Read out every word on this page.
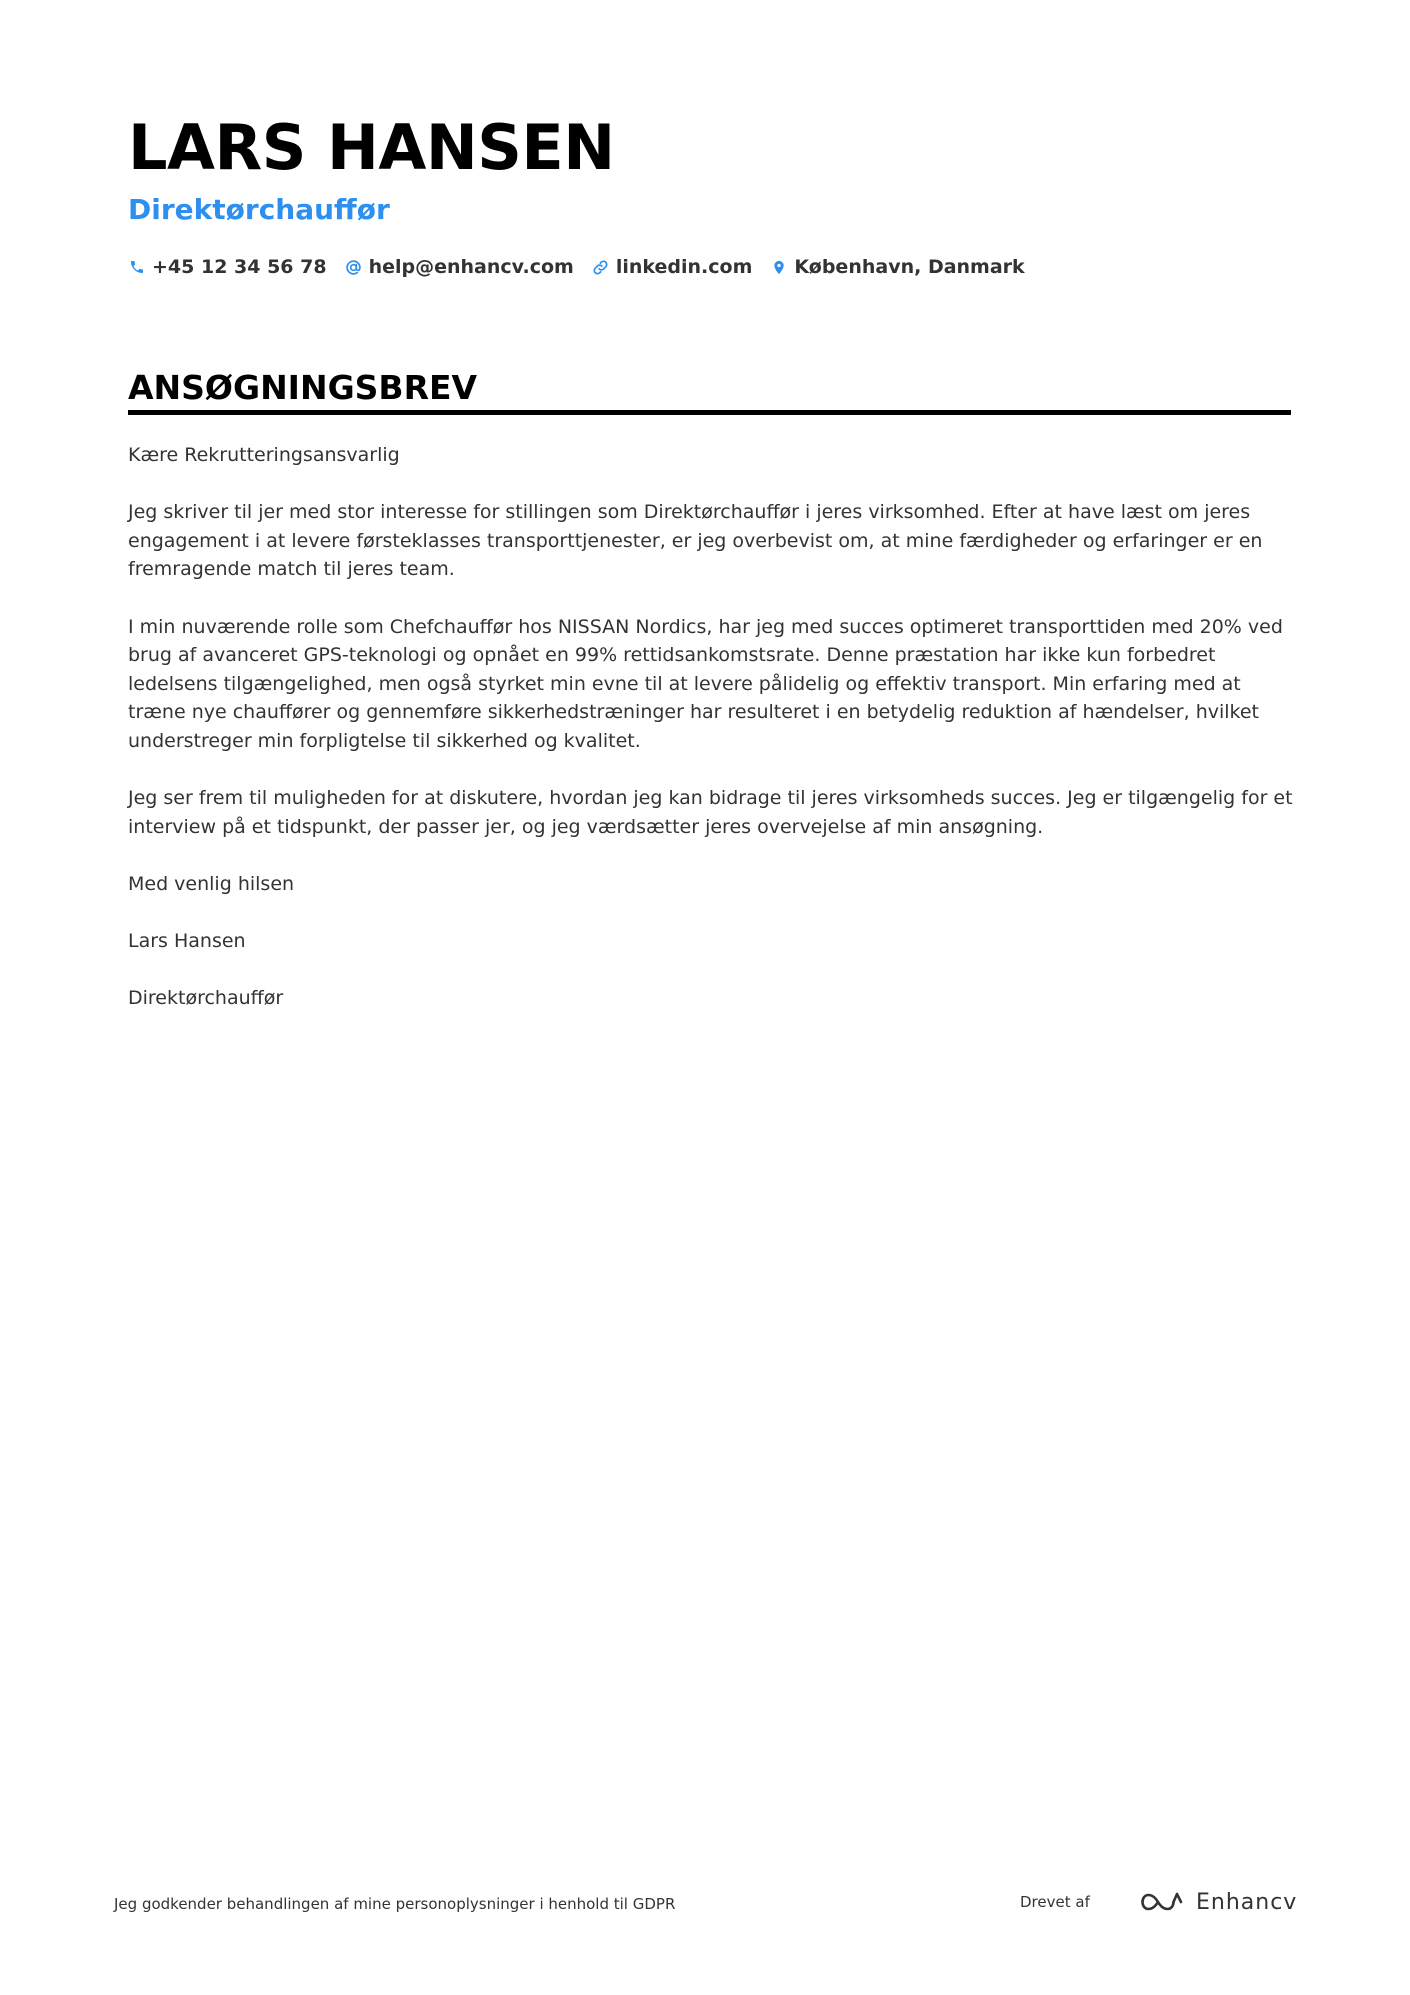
LARS HANSEN
Direktørchauffør
+45 12 34 56 78 help@enhancv.com linkedin.com København, Danmark
ANSØGNINGSBREV

Kære Rekrutteringsansvarlig

Jeg skriver til jer med stor interesse for stillingen som Direktørchauffør i jeres virksomhed. Efter at have læst om jeres engagement i at levere førsteklasses transporttjenester, er jeg overbevist om, at mine færdigheder og erfaringer er en fremragende match til jeres team.

I min nuværende rolle som Chefchauffør hos NISSAN Nordics, har jeg med succes optimeret transporttiden med 20% ved brug af avanceret GPS-teknologi og opnået en 99% rettidsankomstsrate. Denne præstation har ikke kun forbedret ledelsens tilgængelighed, men også styrket min evne til at levere pålidelig og effektiv transport. Min erfaring med at træne nye chauffører og gennemføre sikkerhedstræninger har resulteret i en betydelig reduktion af hændelser, hvilket understreger min forpligtelse til sikkerhed og kvalitet.

Jeg ser frem til muligheden for at diskutere, hvordan jeg kan bidrage til jeres virksomheds succes. Jeg er tilgængelig for et interview på et tidspunkt, der passer jer, og jeg værdsætter jeres overvejelse af min ansøgning.

Med venlig hilsen

Lars Hansen

Direktørchauffør

Jeg godkender behandlingen af mine personoplysninger i henhold til GDPR	Drevet af	Enhancv
